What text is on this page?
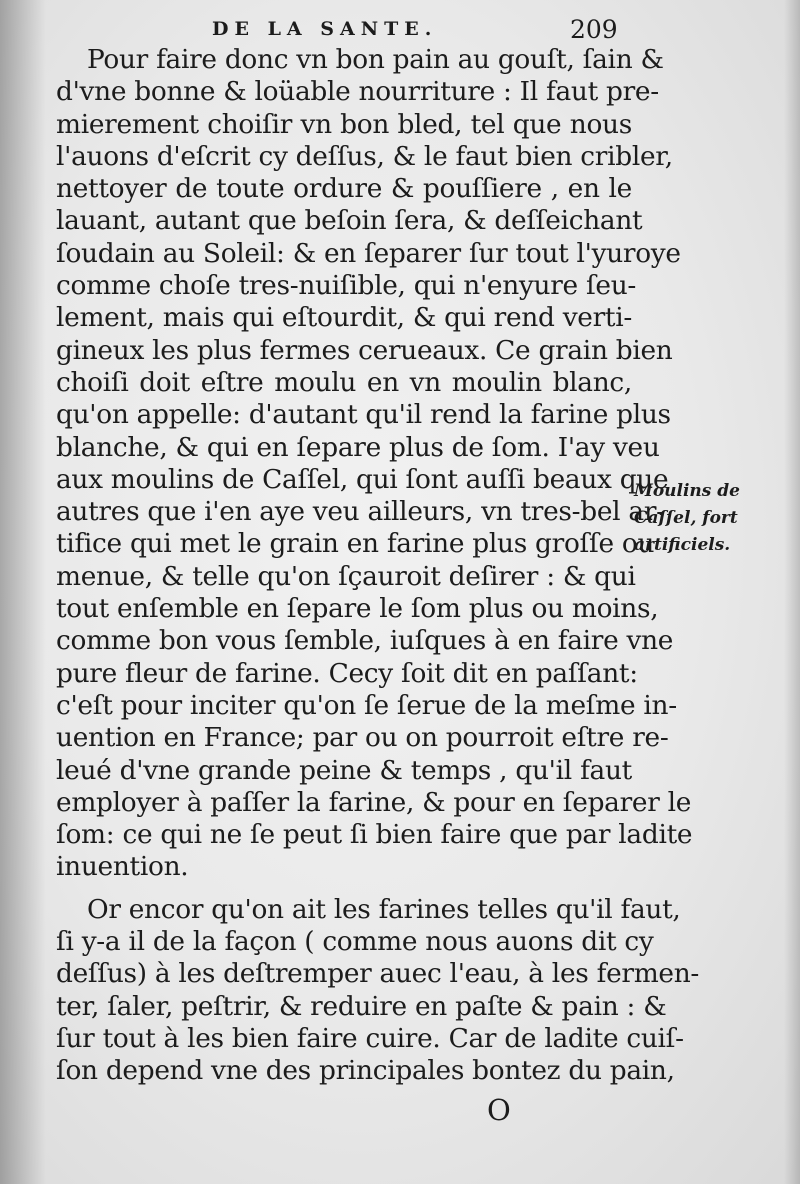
DE LA SANTE.	209
Pour faire donc vn bon pain au gouſt, ſain &
d'vne bonne & loüable nourriture : Il faut pre-
mierement choiſir vn bon bled, tel que nous
l'auons d'eſcrit cy deſſus, & le faut bien cribler,
nettoyer de toute ordure & pouſſiere , en le
lauant, autant que beſoin ſera, & deſſeichant
ſoudain au Soleil: & en ſeparer ſur tout l'yuroye
comme choſe tres-nuiſible, qui n'enyure ſeu-
lement, mais qui eſtourdit, & qui rend verti-
gineux les plus fermes cerueaux. Ce grain bien
choiſi doit eſtre moulu en vn moulin blanc,
qu'on appelle: d'autant qu'il rend la farine plus
blanche, & qui en ſepare plus de ſom. I'ay veu
aux moulins de Caſſel, qui ſont auſſi beaux que
autres que i'en aye veu ailleurs, vn tres-bel ar-
tifice qui met le grain en farine plus groſſe ou
menue, & telle qu'on ſçauroit deſirer : & qui
tout enſemble en ſepare le ſom plus ou moins,
comme bon vous ſemble, iuſques à en faire vne
pure fleur de farine. Cecy ſoit dit en paſſant:
c'eſt pour inciter qu'on ſe ſerue de la meſme in-
uention en France; par ou on pourroit eſtre re-
leué d'vne grande peine & temps , qu'il faut
employer à paſſer la farine, & pour en ſeparer le
ſom: ce qui ne ſe peut ſi bien faire que par ladite
inuention.
Or encor qu'on ait les farines telles qu'il faut,
ſi y-a il de la façon ( comme nous auons dit cy
deſſus) à les deſtremper auec l'eau, à les fermen-
ter, ſaler, peſtrir, & reduire en paſte & pain : &
ſur tout à les bien faire cuire. Car de ladite cuiſ-
ſon depend vne des principales bontez du pain,
Moulins de
Caſſel, fort
artificiels.
O
